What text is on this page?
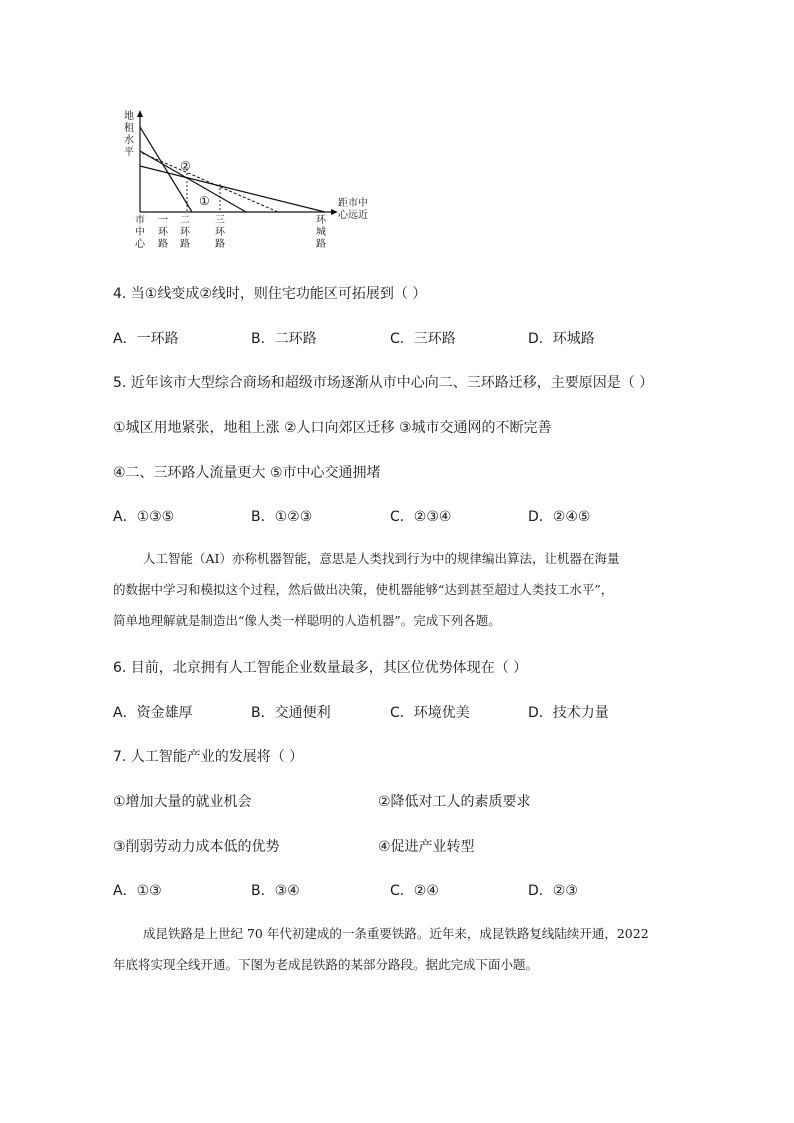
地
租
水
平
距市中
心远近
②
①
市
中
心
一
环
路
二
环
路
三
环
路
环
城
路
4. 当①线变成②线时，则住宅功能区可拓展到（ ）
A．一环路	B．二环路	C．三环路	D．环城路
5. 近年该市大型综合商场和超级市场逐渐从市中心向二、三环路迁移，主要原因是（ ）
①城区用地紧张，地租上涨 ②人口向郊区迁移 ③城市交通网的不断完善
④二、三环路人流量更大 ⑤市中心交通拥堵
A．①③⑤	B．①②③	C．②③④	D．②④⑤
人工智能（AI）亦称机器智能，意思是人类找到行为中的规律编出算法，让机器在海量
的数据中学习和模拟这个过程，然后做出决策，使机器能够“达到甚至超过人类技工水平”，
简单地理解就是制造出“像人类一样聪明的人造机器”。完成下列各题。
6. 目前，北京拥有人工智能企业数量最多，其区位优势体现在（ ）
A．资金雄厚	B．交通便利	C．环境优美	D．技术力量
7. 人工智能产业的发展将（ ）
①增加大量的就业机会	②降低对工人的素质要求
③削弱劳动力成本低的优势	④促进产业转型
A．①③	B．③④	C．②④	D．②③
成昆铁路是上世纪 70 年代初建成的一条重要铁路。近年来，成昆铁路复线陆续开通，2022
年底将实现全线开通。下图为老成昆铁路的某部分路段。据此完成下面小题。
